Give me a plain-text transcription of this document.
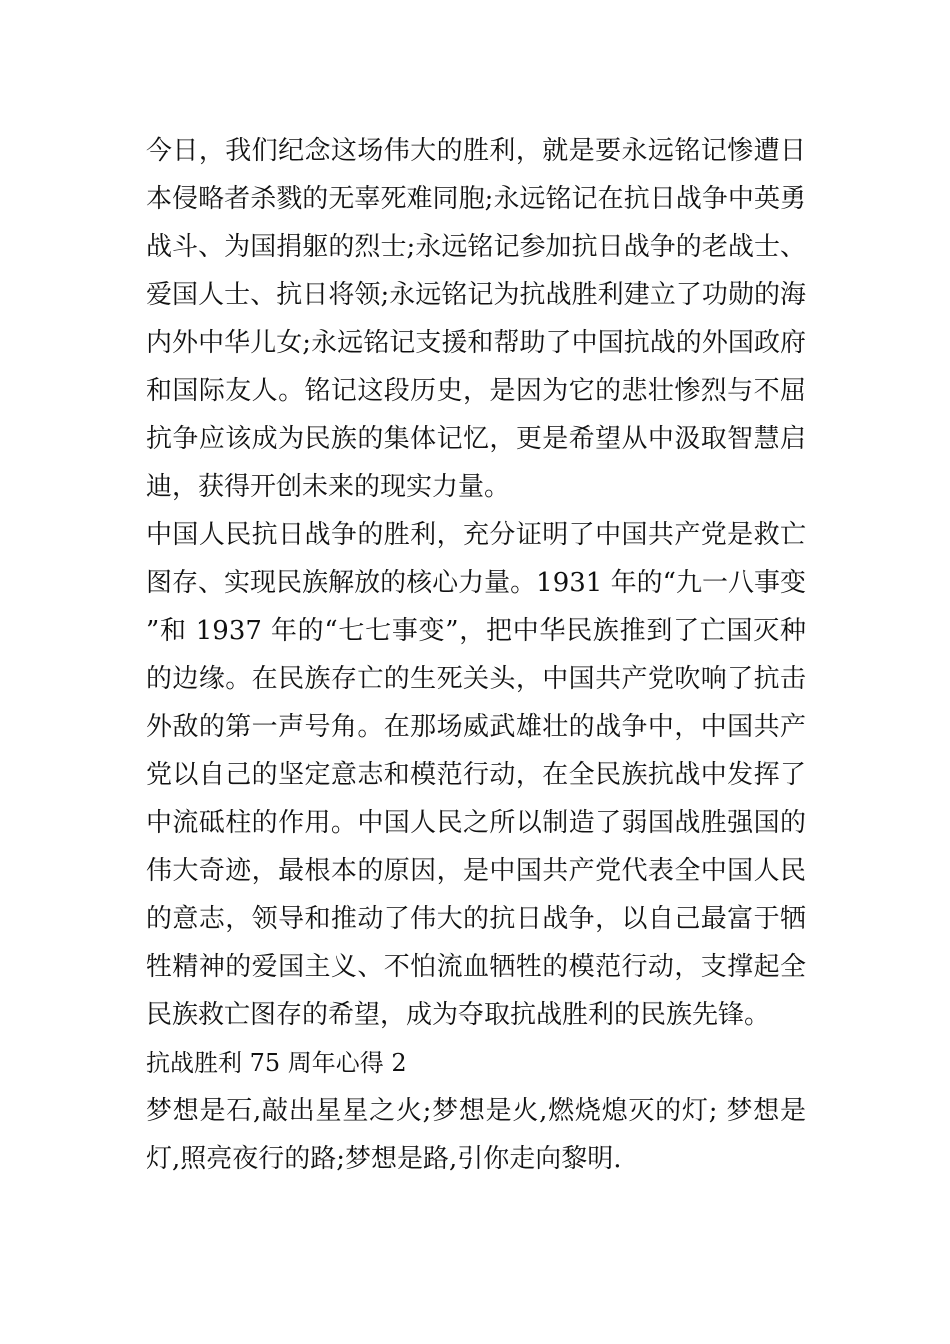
今日，我们纪念这场伟大的胜利，就是要永远铭记惨遭日本侵略者杀戮的无辜死难同胞;永远铭记在抗日战争中英勇战斗、为国捐躯的烈士;永远铭记参加抗日战争的老战士、爱国人士、抗日将领;永远铭记为抗战胜利建立了功勋的海内外中华儿女;永远铭记支援和帮助了中国抗战的外国政府和国际友人。铭记这段历史，是因为它的悲壮惨烈与不屈抗争应该成为民族的集体记忆，更是希望从中汲取智慧启迪，获得开创未来的现实力量。

中国人民抗日战争的胜利，充分证明了中国共产党是救亡图存、实现民族解放的核心力量。1931 年的“九一八事变”和 1937 年的“七七事变”，把中华民族推到了亡国灭种的边缘。在民族存亡的生死关头，中国共产党吹响了抗击外敌的第一声号角。在那场威武雄壮的战争中，中国共产党以自己的坚定意志和模范行动，在全民族抗战中发挥了中流砥柱的作用。中国人民之所以制造了弱国战胜强国的伟大奇迹，最根本的原因，是中国共产党代表全中国人民的意志，领导和推动了伟大的抗日战争，以自己最富于牺牲精神的爱国主义、不怕流血牺牲的模范行动，支撑起全民族救亡图存的希望，成为夺取抗战胜利的民族先锋。

抗战胜利 75 周年心得 2

梦想是石,敲出星星之火;梦想是火,燃烧熄灭的灯; 梦想是灯,照亮夜行的路;梦想是路,引你走向黎明.
